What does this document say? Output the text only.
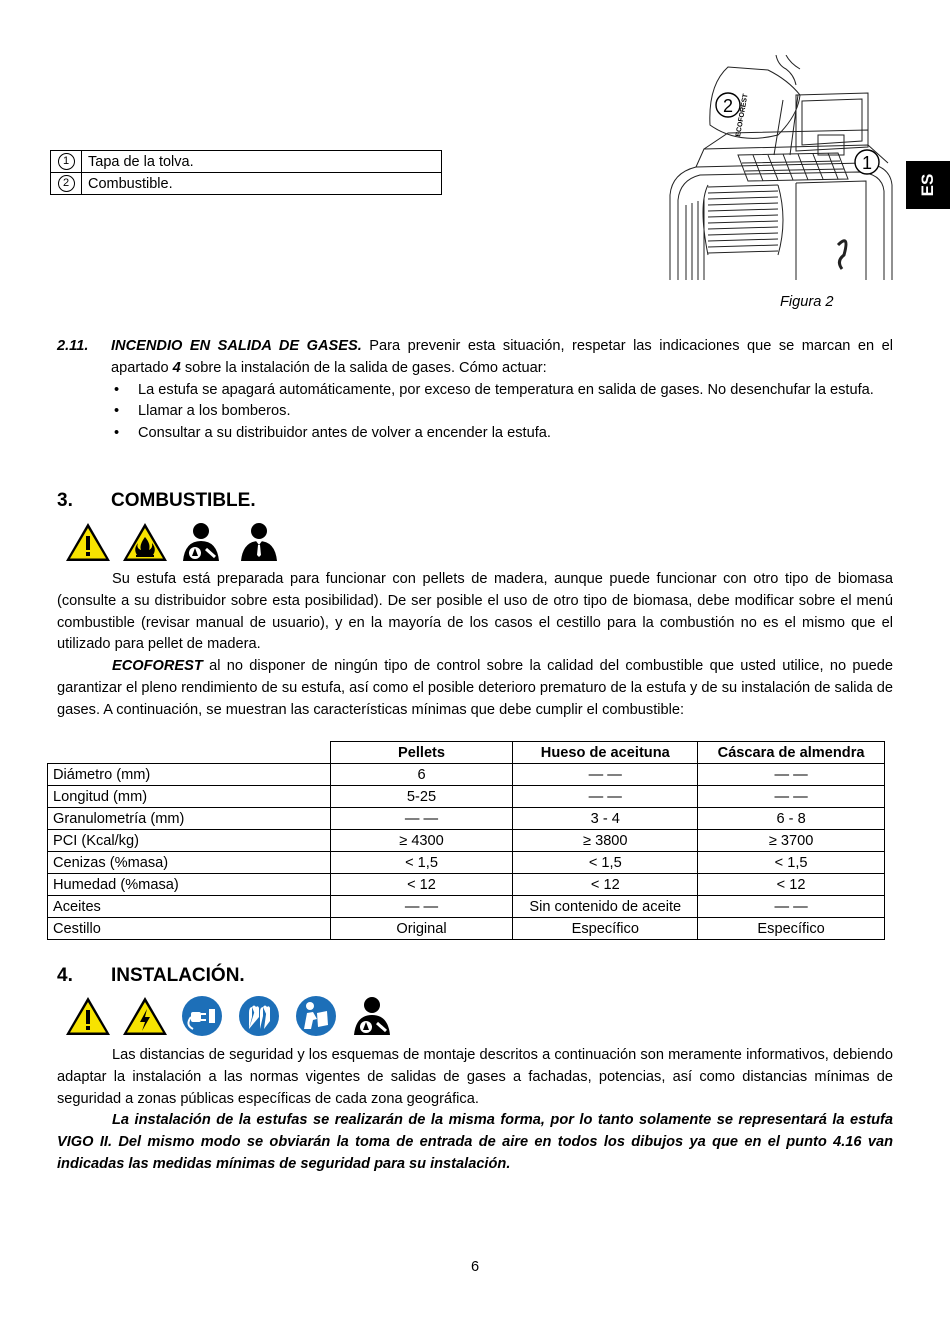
1	Tapa de la tolva.
2	Combustible.
ECOFOREST
2
1
ES
Figura 2
2.11.	INCENDIO EN SALIDA DE GASES. Para prevenir esta situación, respetar las indicaciones que se marcan en el apartado 4 sobre la instalación de la salida de gases. Cómo actuar:

• La estufa se apagará automáticamente, por exceso de temperatura en salida de gases. No desenchufar la estufa.
• Llamar a los bomberos.
• Consultar a su distribuidor antes de volver a encender la estufa.
3. COMBUSTIBLE.

Su estufa está preparada para funcionar con pellets de madera, aunque puede funcionar con otro tipo de biomasa (consulte a su distribuidor sobre esta posibilidad). De ser posible el uso de otro tipo de biomasa, debe modificar sobre el menú combustible (revisar manual de usuario), y en la mayoría de los casos el cestillo para la combustión no es el mismo que el utilizado para pellet de madera.

ECOFOREST al no disponer de ningún tipo de control sobre la calidad del combustible que usted utilice, no puede garantizar el pleno rendimiento de su estufa, así como el posible deterioro prematuro de la estufa y de su instalación de salida de gases. A continuación, se muestran las características mínimas que debe cumplir el combustible:

	Pellets	Hueso de aceituna	Cáscara de almendra
Diámetro (mm)	6	— —	— —
Longitud (mm)	5-25	— —	— —
Granulometría (mm)	— —	3 - 4	6 - 8
PCI (Kcal/kg)	≥ 4300	≥ 3800	≥ 3700
Cenizas (%masa)	< 1,5	< 1,5	< 1,5
Humedad (%masa)	< 12	< 12	< 12
Aceites	— —	Sin contenido de aceite	— —
Cestillo	Original	Específico	Específico
4. INSTALACIÓN.

Las distancias de seguridad y los esquemas de montaje descritos a continuación son meramente informativos, debiendo adaptar la instalación a las normas vigentes de salidas de gases a fachadas, potencias, así como distancias mínimas de seguridad a zonas públicas específicas de cada zona geográfica.

La instalación de la estufas se realizarán de la misma forma, por lo tanto solamente se representará la estufa VIGO II. Del mismo modo se obviarán la toma de entrada de aire en todos los dibujos ya que en el punto 4.16 van indicadas las medidas mínimas de seguridad para su instalación.

6
